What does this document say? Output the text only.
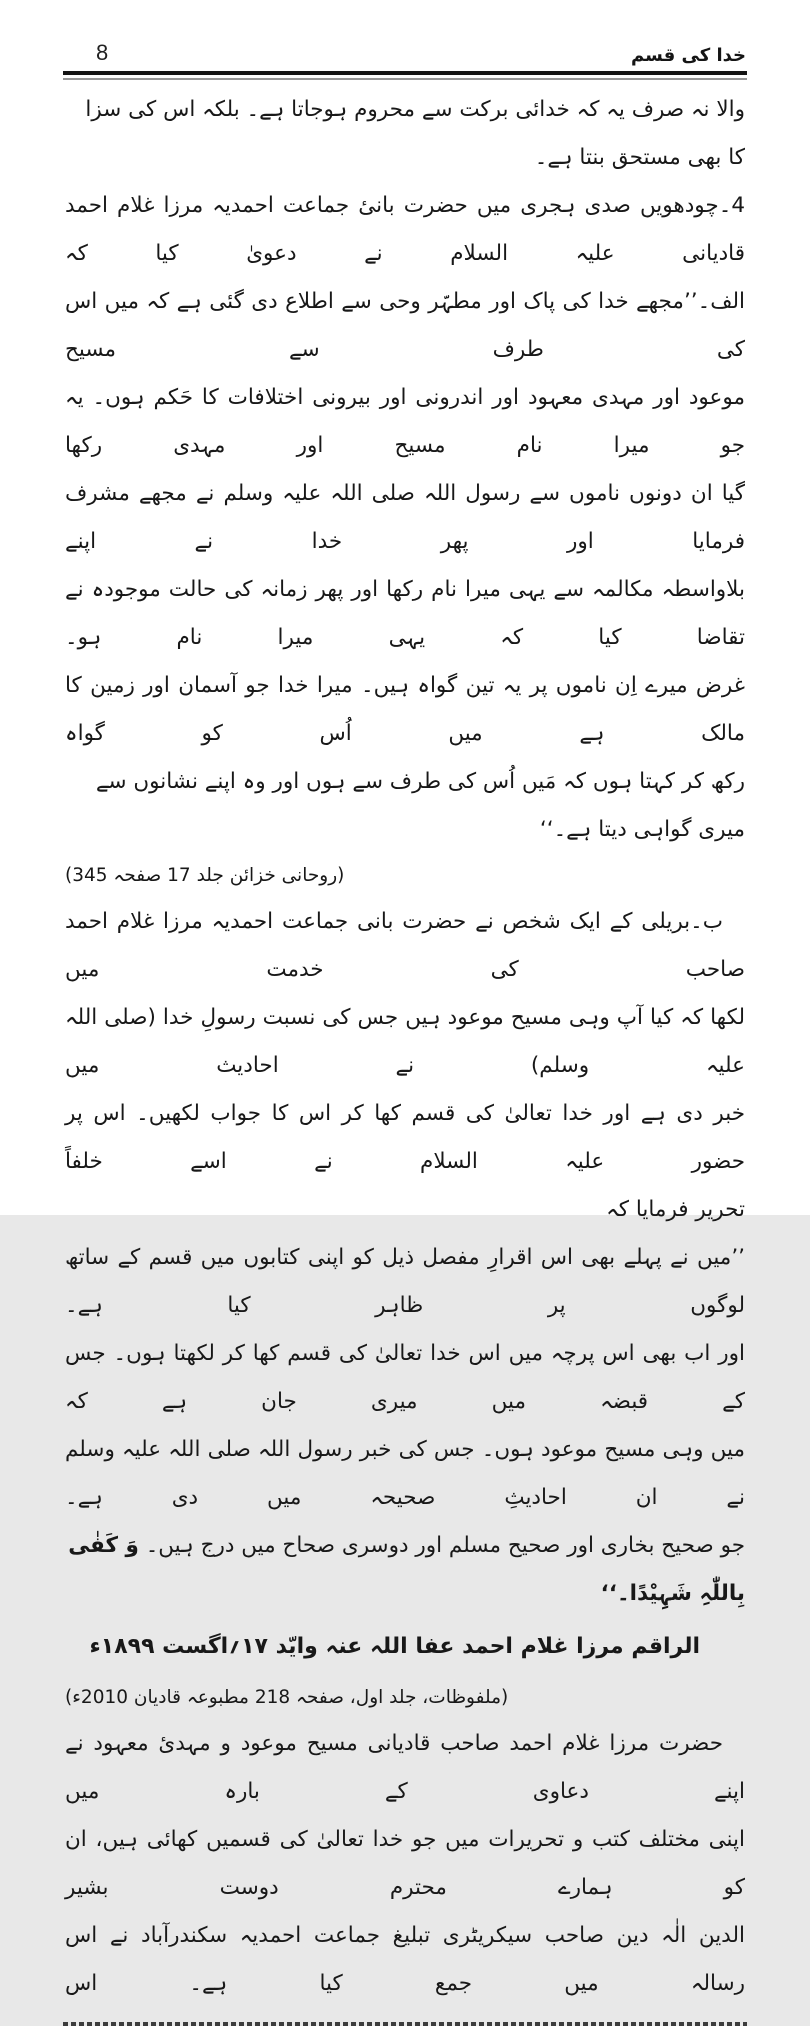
خدا کی قسم
8
والا نہ صرف یہ کہ خدائی برکت سے محروم ہوجاتا ہے۔ بلکہ اس کی سزا کا بھی مستحق بنتا ہے۔
4۔چودھویں صدی ہجری میں حضرت بانیٔ جماعت احمدیہ مرزا غلام احمد قادیانی علیہ السلام نے دعویٰ کیا کہ
الف۔’’مجھے خدا کی پاک اور مطہّر وحی سے اطلاع دی گئی ہے کہ میں اس کی طرف سے مسیح
موعود اور مہدی معہود اور اندرونی اور بیرونی اختلافات کا حَکم ہوں۔ یہ جو میرا نام مسیح اور مہدی رکھا
گیا ان دونوں ناموں سے رسول اللہ صلی اللہ علیہ وسلم نے مجھے مشرف فرمایا اور پھر خدا نے اپنے
بلاواسطہ مکالمہ سے یہی میرا نام رکھا اور پھر زمانہ کی حالت موجودہ نے تقاضا کیا کہ یہی میرا نام ہو۔
غرض میرے اِن ناموں پر یہ تین گواہ ہیں۔ میرا خدا جو آسمان اور زمین کا مالک ہے میں اُس کو گواہ
رکھ کر کہتا ہوں کہ مَیں اُس کی طرف سے ہوں اور وہ اپنے نشانوں سے میری گواہی دیتا ہے۔‘‘
(روحانی خزائن جلد 17 صفحہ 345)
ب۔بریلی کے ایک شخص نے حضرت بانی جماعت احمدیہ مرزا غلام احمد صاحب کی خدمت میں
لکھا کہ کیا آپ وہی مسیح موعود ہیں جس کی نسبت رسولِ خدا (صلی اللہ علیہ وسلم) نے احادیث میں
خبر دی ہے اور خدا تعالیٰ کی قسم کھا کر اس کا جواب لکھیں۔ اس پر حضور علیہ السلام نے اسے خلفاً
تحریر فرمایا کہ
’’میں نے پہلے بھی اس اقرارِ مفصل ذیل کو اپنی کتابوں میں قسم کے ساتھ لوگوں پر ظاہر کیا ہے۔
اور اب بھی اس پرچہ میں اس خدا تعالیٰ کی قسم کھا کر لکھتا ہوں۔ جس کے قبضہ میں میری جان ہے کہ
میں وہی مسیح موعود ہوں۔ جس کی خبر رسول اللہ صلی اللہ علیہ وسلم نے ان احادیثِ صحیحہ میں دی ہے۔
جو صحیح بخاری اور صحیح مسلم اور دوسری صحاح میں درج ہیں۔ وَ کَفٰی بِاللّٰہِ شَہِیْدًا۔‘‘
الراقم مرزا غلام احمد عفا اللہ عنہ وایّد ۱۷؍اگست ۱۸۹۹ء
(ملفوظات، جلد اول، صفحہ 218 مطبوعہ قادیان 2010ء)
حضرت مرزا غلام احمد صاحب قادیانی مسیح موعود و مہدیٔ معہود نے اپنے دعاوی کے بارہ میں
اپنی مختلف کتب و تحریرات میں جو خدا تعالیٰ کی قسمیں کھائی ہیں، ان کو ہمارے محترم دوست بشیر
الدین الٰہ دین صاحب سیکریٹری تبلیغ جماعت احمدیہ سکندرآباد نے اس رسالہ میں جمع کیا ہے۔ اس
